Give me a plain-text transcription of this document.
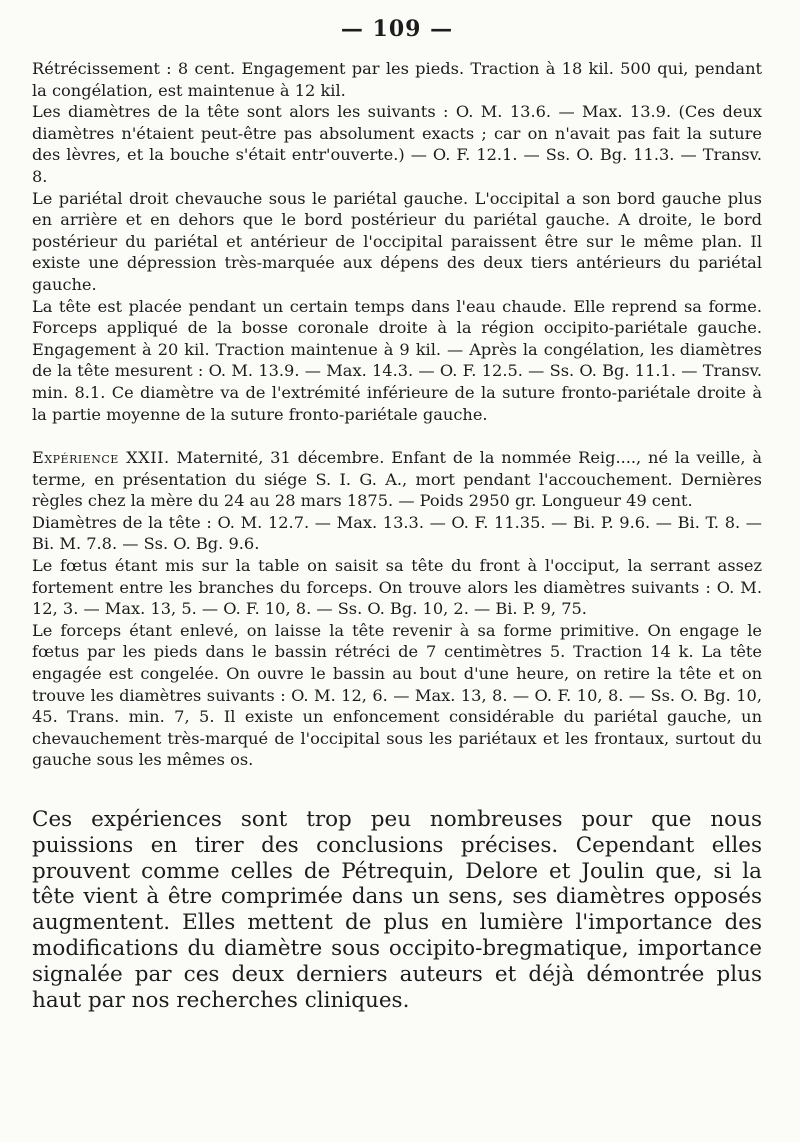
— 109 —

Rétrécissement : 8 cent. Engagement par les pieds. Traction à 18 kil. 500 qui, pendant la congélation, est maintenue à 12 kil.

Les diamètres de la tête sont alors les suivants : O. M. 13.6. — Max. 13.9. (Ces deux diamètres n'étaient peut-être pas absolument exacts ; car on n'avait pas fait la suture des lèvres, et la bouche s'était entr'ouverte.) — O. F. 12.1. — Ss. O. Bg. 11.3. — Transv. 8.

Le pariétal droit chevauche sous le pariétal gauche. L'occipital a son bord gauche plus en arrière et en dehors que le bord postérieur du pariétal gauche. A droite, le bord postérieur du pariétal et antérieur de l'occipital paraissent être sur le même plan. Il existe une dépression très-marquée aux dépens des deux tiers antérieurs du pariétal gauche.

La tête est placée pendant un certain temps dans l'eau chaude. Elle reprend sa forme. Forceps appliqué de la bosse coronale droite à la région occipito-pariétale gauche. Engagement à 20 kil. Traction maintenue à 9 kil. — Après la congélation, les diamètres de la tête mesurent : O. M. 13.9. — Max. 14.3. — O. F. 12.5. — Ss. O. Bg. 11.1. — Transv. min. 8.1. Ce diamètre va de l'extrémité inférieure de la suture fronto-pariétale droite à la partie moyenne de la suture fronto-pariétale gauche.

Expérience XXII. Maternité, 31 décembre. Enfant de la nommée Reig...., né la veille, à terme, en présentation du siége S. I. G. A., mort pendant l'accouchement. Dernières règles chez la mère du 24 au 28 mars 1875. — Poids 2950 gr. Longueur 49 cent.

Diamètres de la tête : O. M. 12.7. — Max. 13.3. — O. F. 11.35. — Bi. P. 9.6. — Bi. T. 8. — Bi. M. 7.8. — Ss. O. Bg. 9.6.

Le fœtus étant mis sur la table on saisit sa tête du front à l'occiput, la serrant assez fortement entre les branches du forceps. On trouve alors les diamètres suivants : O. M. 12, 3. — Max. 13, 5. — O. F. 10, 8. — Ss. O. Bg. 10, 2. — Bi. P. 9, 75.

Le forceps étant enlevé, on laisse la tête revenir à sa forme primitive. On engage le fœtus par les pieds dans le bassin rétréci de 7 centimètres 5. Traction 14 k. La tête engagée est congelée. On ouvre le bassin au bout d'une heure, on retire la tête et on trouve les diamètres suivants : O. M. 12, 6. — Max. 13, 8. — O. F. 10, 8. — Ss. O. Bg. 10, 45. Trans. min. 7, 5. Il existe un enfoncement considérable du pariétal gauche, un chevauchement très-marqué de l'occipital sous les pariétaux et les frontaux, surtout du gauche sous les mêmes os.

Ces expériences sont trop peu nombreuses pour que nous puissions en tirer des conclusions précises. Cependant elles prouvent comme celles de Pétrequin, Delore et Joulin que, si la tête vient à être comprimée dans un sens, ses diamètres opposés augmentent. Elles mettent de plus en lumière l'importance des modifications du diamètre sous occipito-bregmatique, importance signalée par ces deux derniers auteurs et déjà démontrée plus haut par nos recherches cliniques.
